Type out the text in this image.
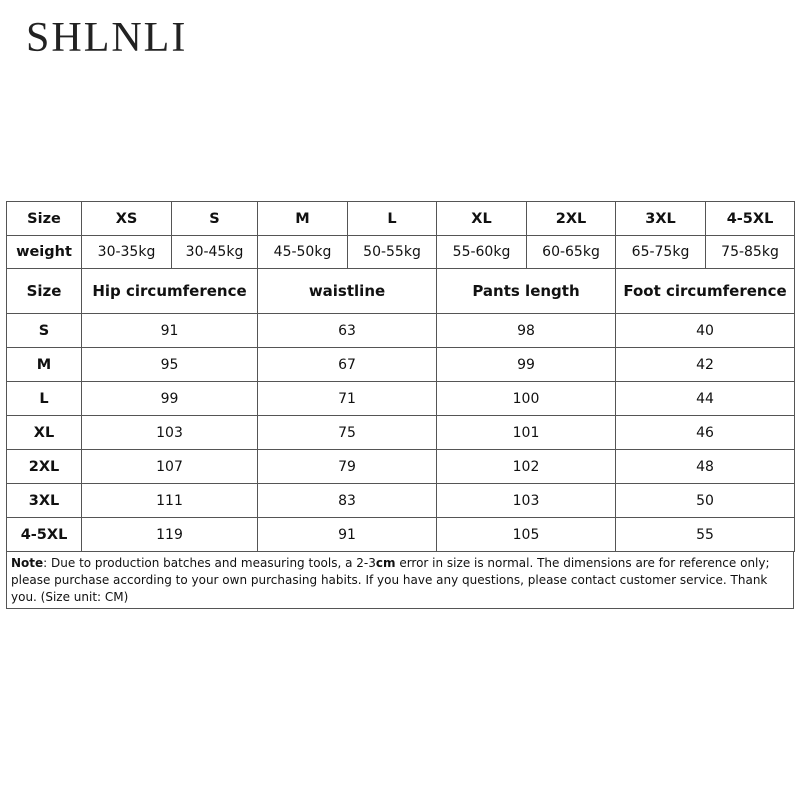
SHLNLI
Size	XS	S	M	L	XL	2XL	3XL	4-5XL
weight	30-35kg	30-45kg	45-50kg	50-55kg	55-60kg	60-65kg	65-75kg	75-85kg
Size	Hip circumference	waistline	Pants length	Foot circumference
S	91	63	98	40
M	95	67	99	42
L	99	71	100	44
XL	103	75	101	46
2XL	107	79	102	48
3XL	111	83	103	50
4-5XL	119	91	105	55
Note: Due to production batches and measuring tools, a 2-3cm error in size is normal. The dimensions are for reference only; please purchase according to your own purchasing habits. If you have any questions, please contact customer service. Thank you. (Size unit: CM)
